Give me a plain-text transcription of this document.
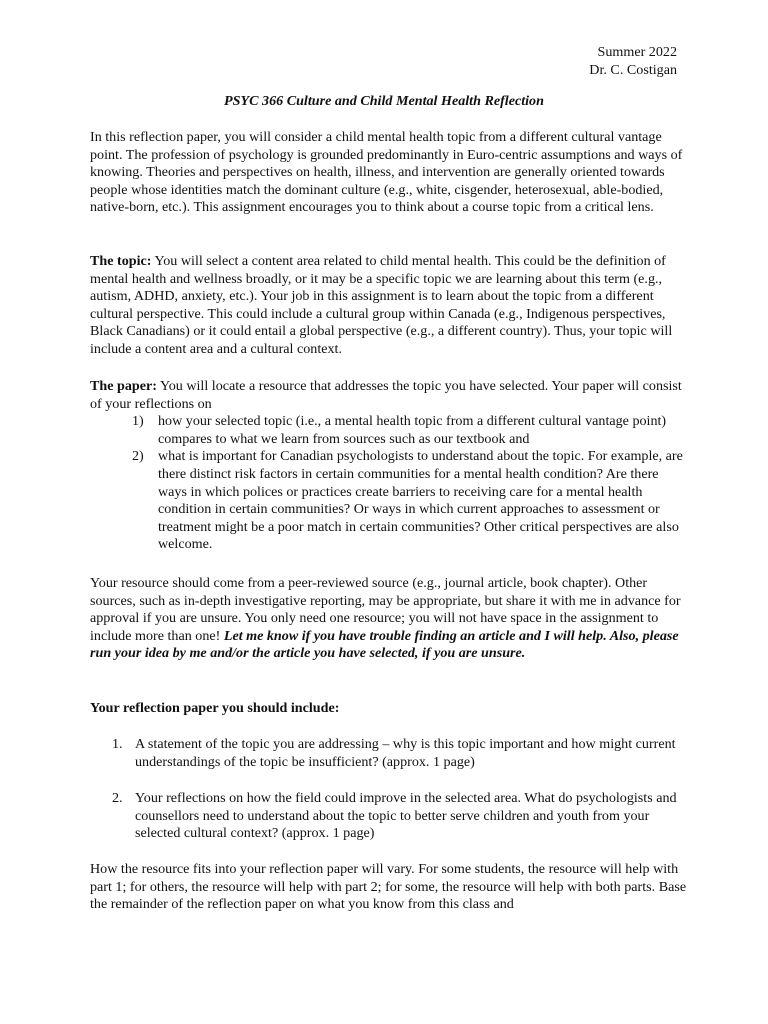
Summer 2022
Dr. C. Costigan
PSYC 366 Culture and Child Mental Health Reflection

In this reflection paper, you will consider a child mental health topic from a different cultural vantage point. The profession of psychology is grounded predominantly in Euro-centric assumptions and ways of knowing. Theories and perspectives on health, illness, and intervention are generally oriented towards people whose identities match the dominant culture (e.g., white, cisgender, heterosexual, able-bodied, native-born, etc.). This assignment encourages you to think about a course topic from a critical lens.

The topic: You will select a content area related to child mental health. This could be the definition of mental health and wellness broadly, or it may be a specific topic we are learning about this term (e.g., autism, ADHD, anxiety, etc.). Your job in this assignment is to learn about the topic from a different cultural perspective. This could include a cultural group within Canada (e.g., Indigenous perspectives, Black Canadians) or it could entail a global perspective (e.g., a different country). Thus, your topic will include a content area and a cultural context.

The paper: You will locate a resource that addresses the topic you have selected. Your paper will consist of your reflections on

1) how your selected topic (i.e., a mental health topic from a different cultural vantage point) compares to what we learn from sources such as our textbook and
2) what is important for Canadian psychologists to understand about the topic. For example, are there distinct risk factors in certain communities for a mental health condition? Are there ways in which polices or practices create barriers to receiving care for a mental health condition in certain communities? Or ways in which current approaches to assessment or treatment might be a poor match in certain communities? Other critical perspectives are also welcome.

Your resource should come from a peer-reviewed source (e.g., journal article, book chapter). Other sources, such as in-depth investigative reporting, may be appropriate, but share it with me in advance for approval if you are unsure. You only need one resource; you will not have space in the assignment to include more than one! Let me know if you have trouble finding an article and I will help. Also, please run your idea by me and/or the article you have selected, if you are unsure.

Your reflection paper you should include:

1. A statement of the topic you are addressing – why is this topic important and how might current understandings of the topic be insufficient? (approx. 1 page)
2. Your reflections on how the field could improve in the selected area. What do psychologists and counsellors need to understand about the topic to better serve children and youth from your selected cultural context? (approx. 1 page)

How the resource fits into your reflection paper will vary. For some students, the resource will help with part 1; for others, the resource will help with part 2; for some, the resource will help with both parts. Base the remainder of the reflection paper on what you know from this class and
